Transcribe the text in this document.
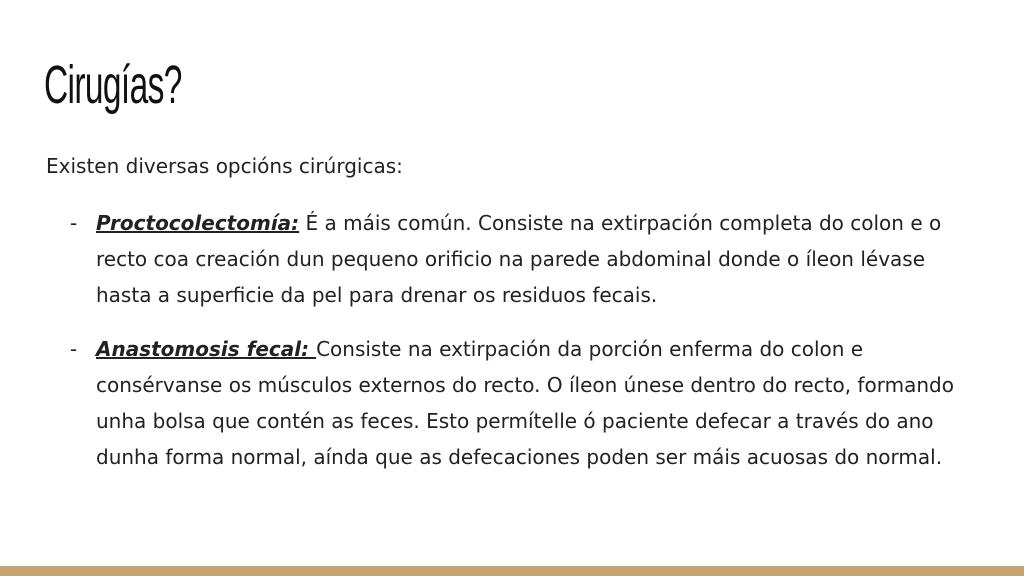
Cirugías?

Existen diversas opcións cirúrgicas:

- Proctocolectomía: É a máis común. Consiste na extirpación completa do colon e o recto coa creación dun pequeno orificio na parede abdominal donde o íleon lévase hasta a superficie da pel para drenar os residuos fecais.
- Anastomosis fecal: Consiste na extirpación da porción enferma do colon e consérvanse os músculos externos do recto. O íleon únese dentro do recto, formando unha bolsa que contén as feces. Esto permítelle ó paciente defecar a través do ano dunha forma normal, aínda que as defecaciones poden ser máis acuosas do normal.
